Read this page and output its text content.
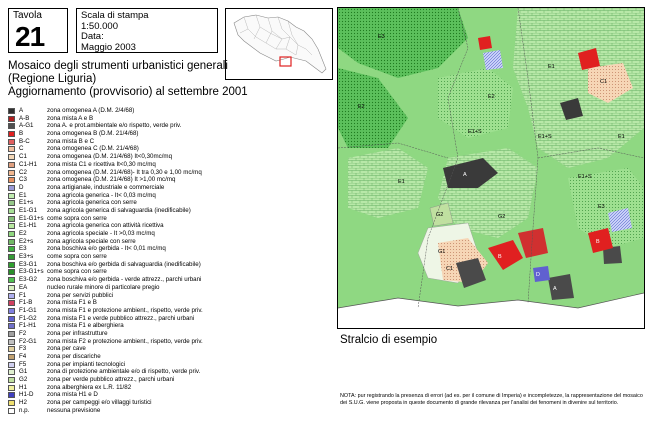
Tavola
21
Scala di stampa
1:50.000
Data:
Maggio 2003
Mosaico degli strumenti urbanistici generali
(Regione Liguria)
Aggiornamento (provvisorio) al settembre 2001
A	zona omogenea A (D.M. 2/4/68)
A-B	zona mista A e B
A-G1	zona A. e prot.ambientale e/o rispetto, verde priv.
B	zona omogenea B (D.M. 21/4/68)
B-C	zona mista B e C
C	zona omogenea C (D.M. 21/4/68)
C1	zona omogenea (D.M. 21/4/68) It<0,30mc/mq
C1-H1	zona mista C1 e ricettiva It<0,30 mc/mq
C2	zona omogenea (D.M. 21/4/68)- It tra 0,30 e 1,00 mc/mq
C3	zona omogenea (D.M. 21/4/68) It >1,00 mc/mq
D	zona artigianale, industriale e commerciale
E1	zona agricola generica - It< 0,03 mc/mq
E1+s	zona agricola generica con serre
E1-G1	zona agricola generica di salvaguardia (inedificabile)
E1-G1+s come sopra con serre
E1-H1	zona agricola generica con attività ricettiva
E2	zona agricola speciale - It >0,03 mc/mq
E2+s	zona agricola speciale con serre
E3	zona boschiva e/o gerbida - It< 0,01 mc/mq
E3+s	come sopra con serre
E3-G1	zona boschiva e/o gerbida di salvaguardia (inedificabile)
E3-G1+s come sopra con serre
E3-G2	zona boschiva e/o gerbida - verde attrezz., parchi urbani
EA	nucleo rurale minore di particolare pregio
F1	zona per servizi pubblici
F1-B	zona mista F1 e B
F1-G1	zona mista F1 e protezione ambient., rispetto, verde priv.
F1-G2	zona mista F1 e verde pubblico attrezz., parchi urbani
F1-H1	zona mista F1 e alberghiera
F2	zona per infrastrutture
F2-G1	zona mista F2 e protezione ambient., rispetto, verde priv.
F3	zona per cave
F4	zona per discariche
F5	zona per impianti tecnologici
G1	zona di protezione ambientale e/o di rispetto, verde priv.
G2	zona per verde pubblico attrezz., parchi urbani
H1	zona alberghiera ex L.R. 11/82
H1-D	zona mista H1 e D
H2	zona per campeggi e/o villaggi turistici
n.p.	nessuna previsione
E1+S
E1+S
E1+S
E1
E1
E1
E3
E3
G2	G2
G1
C1
C1
E2
E2
B
B
A
A
D
Stralcio di esempio
NOTA: pur registrando la presenza di errori (ad es. per il comune di Imperia) e incompletezze, la rappresentazione del mosaico dei S.U.G. viene proposta in queste documento di grande rilevanza per l'analisi dei fenomeni in divenire sul territorio.
